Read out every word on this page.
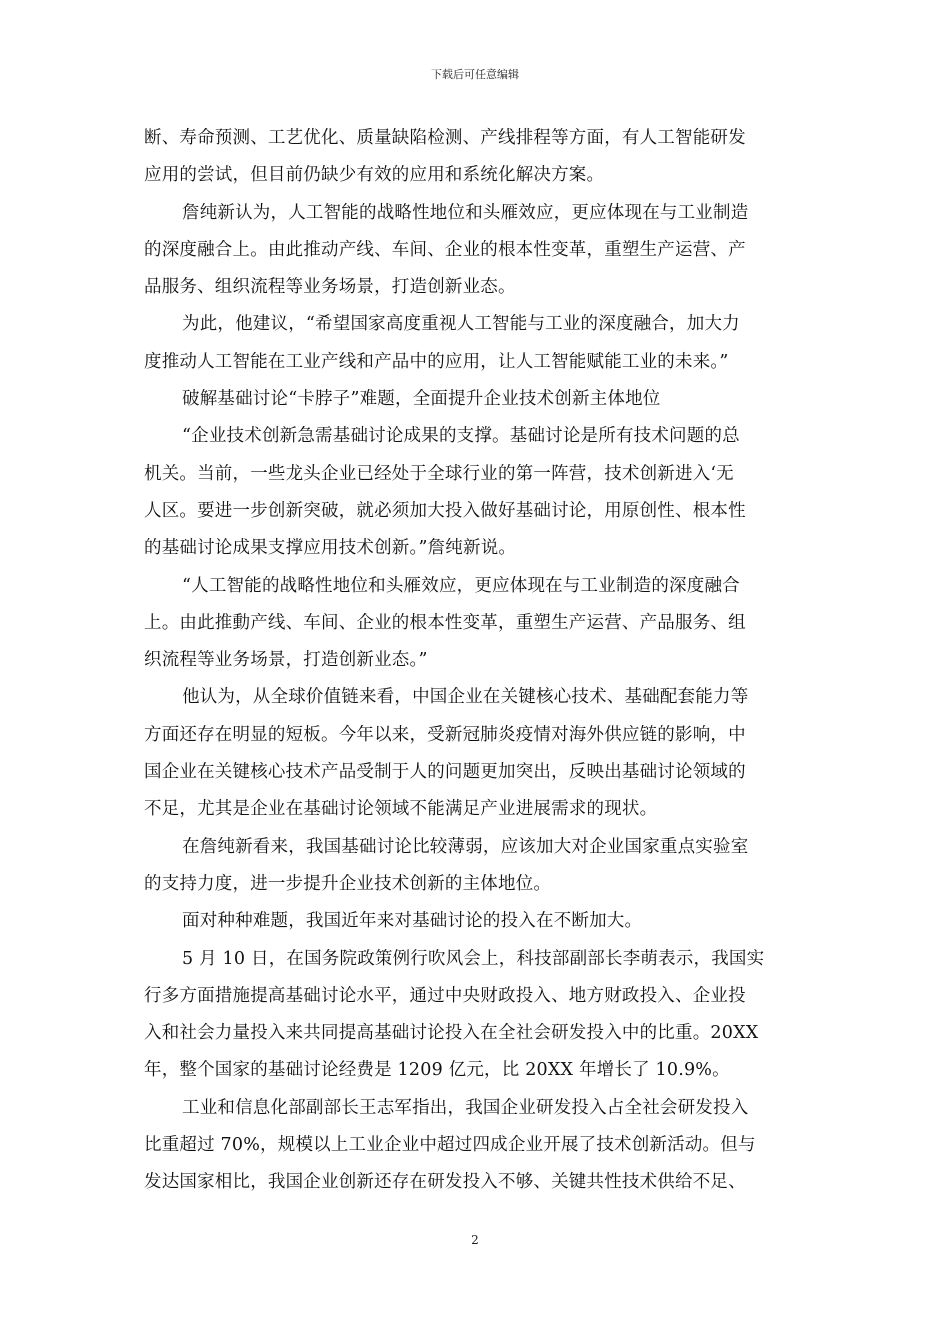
下载后可任意编辑
断、寿命预测、工艺优化、质量缺陷检测、产线排程等方面，有人工智能研发
应用的尝试，但目前仍缺少有效的应用和系统化解决方案。
詹纯新认为，人工智能的战略性地位和头雁效应，更应体现在与工业制造
的深度融合上。由此推动产线、车间、企业的根本性变革，重塑生产运营、产
品服务、组织流程等业务场景，打造创新业态。
为此，他建议，“希望国家高度重视人工智能与工业的深度融合，加大力
度推动人工智能在工业产线和产品中的应用，让人工智能赋能工业的未来。”
破解基础讨论“卡脖子”难题，全面提升企业技术创新主体地位
“企业技术创新急需基础讨论成果的支撑。基础讨论是所有技术问题的总
机关。当前，一些龙头企业已经处于全球行业的第一阵营，技术创新进入‘无
人区。要进一步创新突破，就必须加大投入做好基础讨论，用原创性、根本性
的基础讨论成果支撑应用技术创新。”詹纯新说。
“人工智能的战略性地位和头雁效应，更应体现在与工业制造的深度融合
上。由此推動产线、车间、企业的根本性变革，重塑生产运营、产品服务、组
织流程等业务场景，打造创新业态。”
他认为，从全球价值链来看，中国企业在关键核心技术、基础配套能力等
方面还存在明显的短板。今年以来，受新冠肺炎疫情对海外供应链的影响，中
国企业在关键核心技术产品受制于人的问题更加突出，反映出基础讨论领域的
不足，尤其是企业在基础讨论领域不能满足产业进展需求的现状。
在詹纯新看来，我国基础讨论比较薄弱，应该加大对企业国家重点实验室
的支持力度，进一步提升企业技术创新的主体地位。
面对种种难题，我国近年来对基础讨论的投入在不断加大。
5 月 10 日，在国务院政策例行吹风会上，科技部副部长李萌表示，我国实
行多方面措施提高基础讨论水平，通过中央财政投入、地方财政投入、企业投
入和社会力量投入来共同提高基础讨论投入在全社会研发投入中的比重。20XX
年，整个国家的基础讨论经费是 1209 亿元，比 20XX 年增长了 10.9%。
工业和信息化部副部长王志军指出，我国企业研发投入占全社会研发投入
比重超过 70%，规模以上工业企业中超过四成企业开展了技术创新活动。但与
发达国家相比，我国企业创新还存在研发投入不够、关键共性技术供给不足、
2
